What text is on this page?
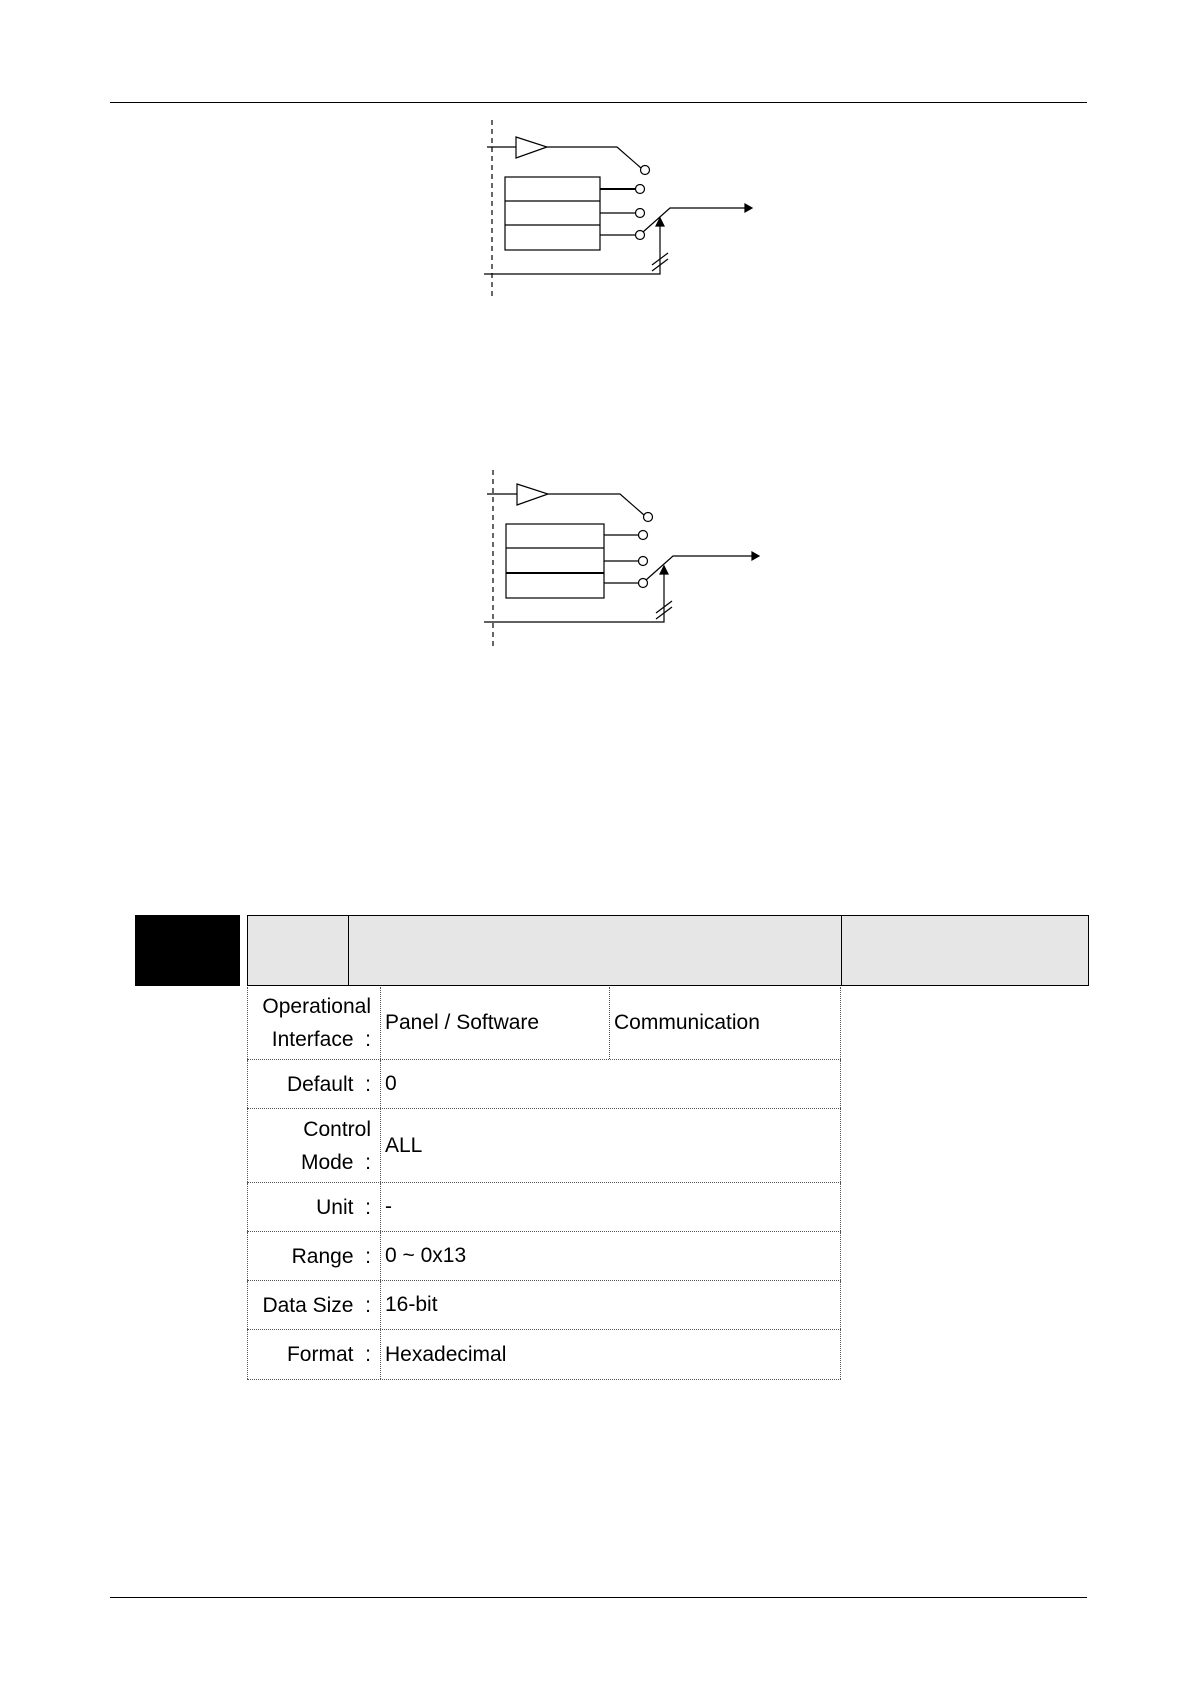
Operational
Interface  :
Panel / Software	Communication
Default  : 0
Control
Mode  :
ALL
Unit  : -
Range  : 0 ~ 0x13
Data Size  : 16-bit
Format  : Hexadecimal
